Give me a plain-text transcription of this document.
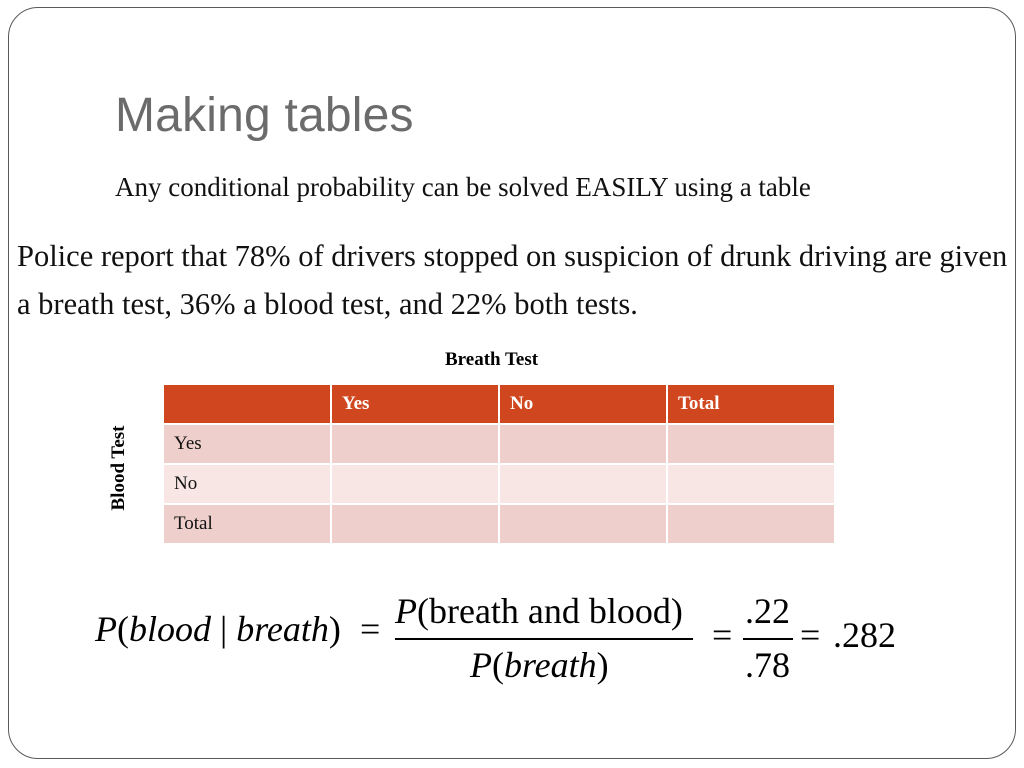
Making tables
Any conditional probability can be solved EASILY using a table
Police report that 78% of drivers stopped on suspicion of drunk driving are given a breath test, 36% a blood test, and 22% both tests.
Breath Test
Blood Test
	Yes	No	Total
Yes			
No			
Total			
P(blood | breath) = P(breath and blood)
P(breath)
=
.22
.78
= .282
